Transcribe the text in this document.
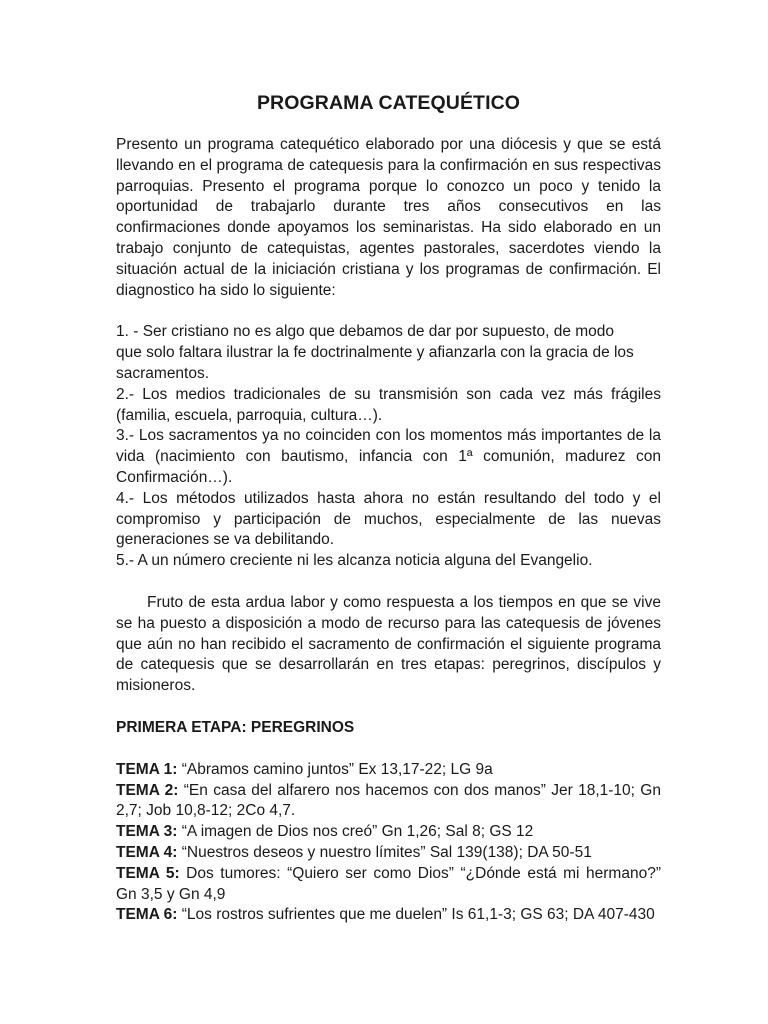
PROGRAMA CATEQUÉTICO

Presento un programa catequético elaborado por una diócesis y que se está llevando en el programa de catequesis para la confirmación en sus respectivas parroquias. Presento el programa porque lo conozco un poco y tenido la oportunidad de trabajarlo durante tres años consecutivos en las confirmaciones donde apoyamos los seminaristas. Ha sido elaborado en un trabajo conjunto de catequistas, agentes pastorales, sacerdotes viendo la situación actual de la iniciación cristiana y los programas de confirmación. El diagnostico ha sido lo siguiente:

1. - Ser cristiano no es algo que debamos de dar por supuesto, de modo

que solo faltara ilustrar la fe doctrinalmente y afianzarla con la gracia de los sacramentos.

2.- Los medios tradicionales de su transmisión son cada vez más frágiles (familia, escuela, parroquia, cultura…).

3.- Los sacramentos ya no coinciden con los momentos más importantes de la vida (nacimiento con bautismo, infancia con 1ª comunión, madurez con Confirmación…).

4.- Los métodos utilizados hasta ahora no están resultando del todo y el compromiso y participación de muchos, especialmente de las nuevas generaciones se va debilitando.

5.- A un número creciente ni les alcanza noticia alguna del Evangelio.

Fruto de esta ardua labor y como respuesta a los tiempos en que se vive se ha puesto a disposición a modo de recurso para las catequesis de jóvenes que aún no han recibido el sacramento de confirmación el siguiente programa de catequesis que se desarrollarán en tres etapas: peregrinos, discípulos y misioneros.

PRIMERA ETAPA: PEREGRINOS

TEMA 1: “Abramos camino juntos” Ex 13,17-22; LG 9a

TEMA 2: “En casa del alfarero nos hacemos con dos manos” Jer 18,1-10; Gn 2,7; Job 10,8-12; 2Co 4,7.

TEMA 3: “A imagen de Dios nos creó” Gn 1,26; Sal 8; GS 12

TEMA 4: “Nuestros deseos y nuestro límites” Sal 139(138); DA 50-51

TEMA 5: Dos tumores: “Quiero ser como Dios” “¿Dónde está mi hermano?” Gn 3,5 y Gn 4,9

TEMA 6: “Los rostros sufrientes que me duelen” Is 61,1-3; GS 63; DA 407-430
